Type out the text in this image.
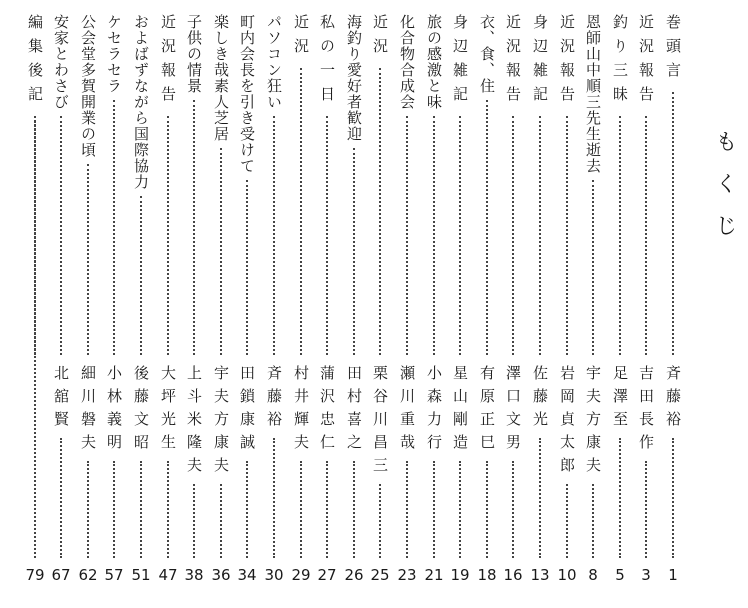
もくじ
巻頭言
斉藤裕
1
近況報告
吉田長作
3
釣り三昧
足澤至
5
恩師山中順三先生逝去
宇夫方康夫
8
近況報告
岩岡貞太郎
10
身辺雑記
佐藤光
13
近況報告
澤口文男
16
衣、食、住
有原正巳
18
身辺雑記
星山剛造
19
旅の感激と味
小森力行
21
化合物合成会
瀬川重哉
23
近況
栗谷川昌三
25
海釣り愛好者歓迎
田村喜之
26
私の一日
蒲沢忠仁
27
近況
村井輝夫
29
パソコン狂い
斉藤裕
30
町内会長を引き受けて
田鎖康誠
34
楽しき哉素人芝居
宇夫方康夫
36
子供の情景
上斗米隆夫
38
近況報告
大坪光生
47
およばずながら国際協力
後藤文昭
51
ケセラセラ
小林義明
57
公会堂多賀開業の頃
細川磐夫
62
安家とわさび
北舘賢
67
編集後記
79
